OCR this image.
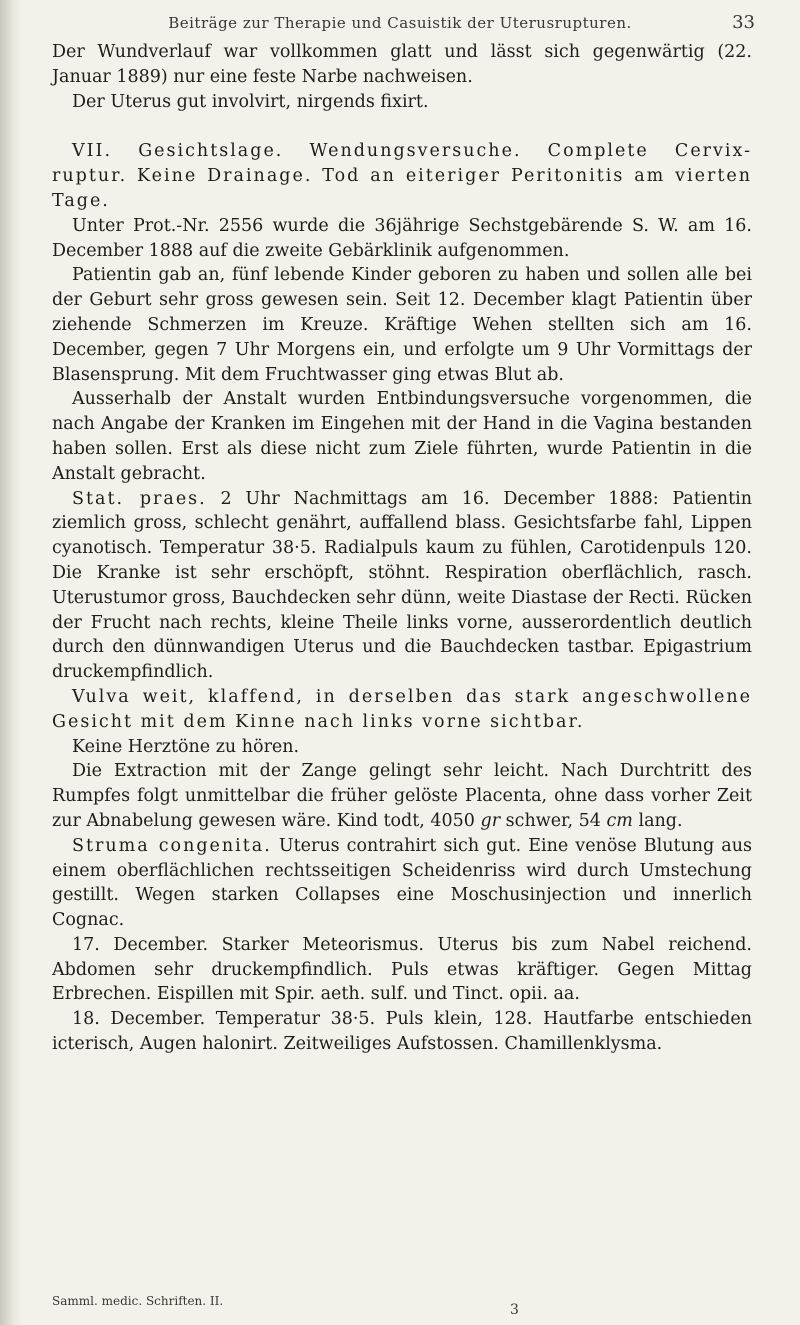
Beiträge zur Therapie und Casuistik der Uterusrupturen.	33

Der Wundverlauf war vollkommen glatt und lässt sich gegenwärtig (22. Januar 1889) nur eine feste Narbe nachweisen.

Der Uterus gut involvirt, nirgends fixirt.

VII. Gesichtslage. Wendungsversuche. Complete Cervix-ruptur. Keine Drainage. Tod an eiteriger Peritonitis am vierten Tage.

Unter Prot.-Nr. 2556 wurde die 36jährige Sechstgebärende S. W. am 16. December 1888 auf die zweite Gebärklinik aufgenommen.

Patientin gab an, fünf lebende Kinder geboren zu haben und sollen alle bei der Geburt sehr gross gewesen sein. Seit 12. December klagt Patientin über ziehende Schmerzen im Kreuze. Kräftige Wehen stellten sich am 16. December, gegen 7 Uhr Morgens ein, und erfolgte um 9 Uhr Vormittags der Blasensprung. Mit dem Fruchtwasser ging etwas Blut ab.

Ausserhalb der Anstalt wurden Entbindungsversuche vorgenommen, die nach Angabe der Kranken im Eingehen mit der Hand in die Vagina bestanden haben sollen. Erst als diese nicht zum Ziele führten, wurde Patientin in die Anstalt gebracht.

Stat. praes. 2 Uhr Nachmittags am 16. December 1888: Patientin ziemlich gross, schlecht genährt, auffallend blass. Gesichtsfarbe fahl, Lippen cyanotisch. Temperatur 38·5. Radialpuls kaum zu fühlen, Carotidenpuls 120. Die Kranke ist sehr erschöpft, stöhnt. Respiration oberflächlich, rasch. Uterustumor gross, Bauchdecken sehr dünn, weite Diastase der Recti. Rücken der Frucht nach rechts, kleine Theile links vorne, ausserordentlich deutlich durch den dünnwandigen Uterus und die Bauchdecken tastbar. Epigastrium druckempfindlich.

Vulva weit, klaffend, in derselben das stark angeschwollene Gesicht mit dem Kinne nach links vorne sichtbar.

Keine Herztöne zu hören.

Die Extraction mit der Zange gelingt sehr leicht. Nach Durchtritt des Rumpfes folgt unmittelbar die früher gelöste Placenta, ohne dass vorher Zeit zur Abnabelung gewesen wäre. Kind todt, 4050 gr schwer, 54 cm lang.

Struma congenita. Uterus contrahirt sich gut. Eine venöse Blutung aus einem oberflächlichen rechtsseitigen Scheidenriss wird durch Umstechung gestillt. Wegen starken Collapses eine Moschusinjection und innerlich Cognac.

17. December. Starker Meteorismus. Uterus bis zum Nabel reichend. Abdomen sehr druckempfindlich. Puls etwas kräftiger. Gegen Mittag Erbrechen. Eispillen mit Spir. aeth. sulf. und Tinct. opii. aa.

18. December. Temperatur 38·5. Puls klein, 128. Hautfarbe entschieden icterisch, Augen halonirt. Zeitweiliges Aufstossen. Chamillenklysma.

Samml. medic. Schriften. II.
3
